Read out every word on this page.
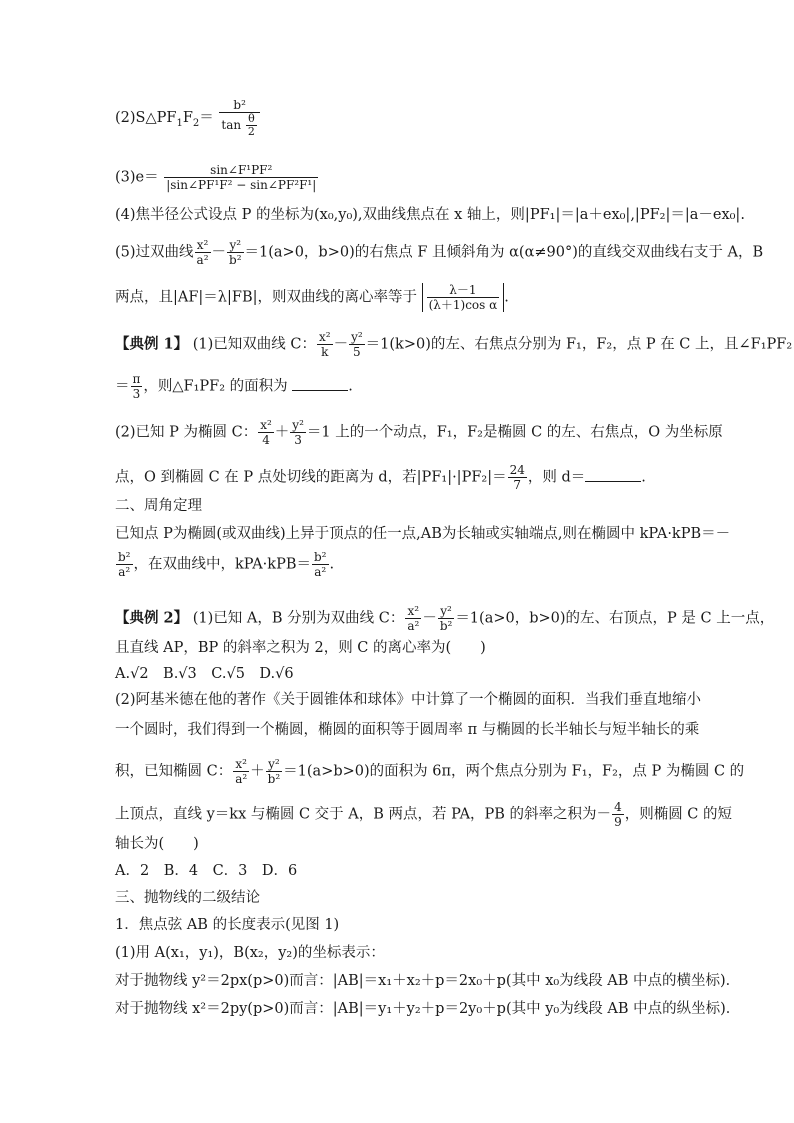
$(2)S\triangle PF_1F_2= \frac{\text{b²}}{\tan \frac{\theta}{2}}$
$(3)e= \frac{\text{sin∠F¹PF²}}{\text{|sin∠PF¹F² − sin∠PF²F¹|}}$
(4)焦半径公式设点 P 的坐标为(x₀,y₀),双曲线焦点在 x 轴上，则|PF₁|＝|a＋ex₀|,|PF₂|＝|a－ex₀|.
(5)过双曲线 $\frac{\text{x²}}{\text{a²}} - \frac{\text{y²}}{\text{b²}} =1(a>0$，b>0)的右焦点 F 且倾斜角为 α(α≠90°)的直线交双曲线右支于 A，B
两点，且|AF|＝λ|FB|，则双曲线的离心率等于 $\frac{\lambda-1}{\text{(λ＋1)cos α}}$ .
【典例 1】 (1)已知双曲线 C： $\frac{\text{x²}}{k} - \frac{\text{y²}}{5} =1(k>0)$的左、右焦点分别为 F₁，F₂，点 P 在 C 上，且∠F₁PF₂
＝ $\frac{\pi}{3}$ ，则△F₁PF₂ 的面积为	.
(2)已知 P 为椭圆 C： $\frac{\text{x²}}{4} + \frac{\text{y²}}{3} =1$ 上的一个动点，F₁，F₂是椭圆 C 的左、右焦点，O 为坐标原
点，O 到椭圆 C 在 P 点处切线的距离为 d，若$|PF_1|\cdot|PF_2|= \frac{24}{7}$ ，则 d＝	.
二、周角定理
已知点 P为椭圆(或双曲线)上异于顶点的任一点,AB为长轴或实轴端点,则在椭圆中 kPA·kPB＝－
$\frac{\text{b²}}{\text{a²}}$ ，在双曲线中，$kPA\cdot kPB= \frac{\text{b²}}{\text{a²}}$ .
【典例 2】 (1)已知 A，B 分别为双曲线 C： $\frac{\text{x²}}{\text{a²}} - \frac{\text{y²}}{\text{b²}} =1(a>0$，b>0)的左、右顶点，P 是 C 上一点，
且直线 AP，BP 的斜率之积为 2，则 C 的离心率为(　　)
A.√2　B.√3　C.√5　D.√6
(2)阿基米德在他的著作《关于圆锥体和球体》中计算了一个椭圆的面积．当我们垂直地缩小
一个圆时，我们得到一个椭圆，椭圆的面积等于圆周率 π 与椭圆的长半轴长与短半轴长的乘
积，已知椭圆 C： $\frac{\text{x²}}{\text{a²}} + \frac{\text{y²}}{\text{b²}} =1(a>b>0)$的面积为 6π，两个焦点分别为 F₁，F₂，点 P 为椭圆 C 的
上顶点，直线 y＝kx 与椭圆 C 交于 A，B 两点，若 PA，PB 的斜率之积为－ $\frac{4}{9}$ ，则椭圆 C 的短
轴长为(　　)
A．2　B．4　C．3　D．6
三、抛物线的二级结论
1．焦点弦 AB 的长度表示(见图 1)
(1)用 A(x₁，y₁)，B(x₂，y₂)的坐标表示：
对于抛物线 y²＝2px(p>0)而言：|AB|＝x₁＋x₂＋p＝2x₀＋p(其中 x₀为线段 AB 中点的横坐标)．
对于抛物线 x²＝2py(p>0)而言：|AB|＝y₁＋y₂＋p＝2y₀＋p(其中 y₀为线段 AB 中点的纵坐标)．
